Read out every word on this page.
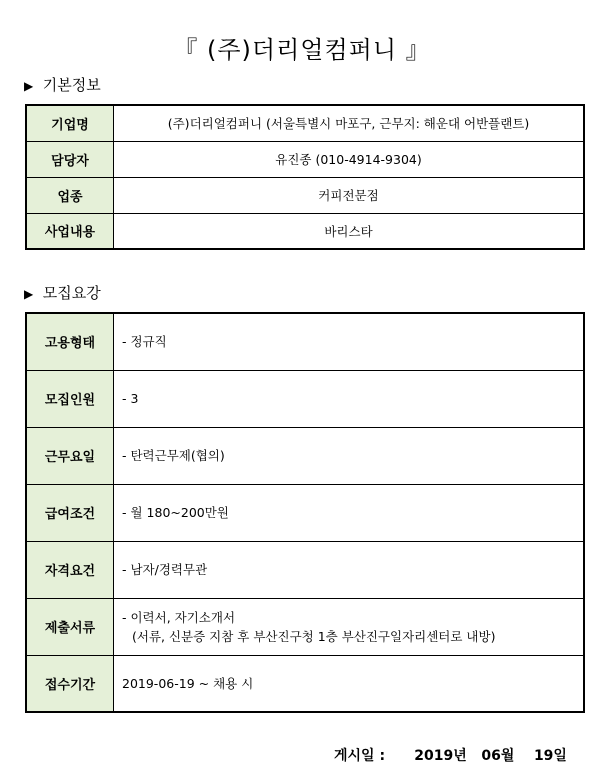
『 (주)더리얼컴퍼니 』
▶ 기본정보
기업명	(주)더리얼컴퍼니 (서울특별시 마포구, 근무지: 해운대 어반플랜트)
담당자	유진종 (010-4914-9304)
업종	커피전문점
사업내용	바리스타
▶ 모집요강
고용형태	- 정규직

모집인원	- 3

근무요일	- 탄력근무제(협의)

급여조건	- 월 180~200만원

자격요건	- 남자/경력무관

제출서류	- 이력서, 자기소개서
(서류, 신분증 지참 후 부산진구청 1층 부산진구일자리센터로 내방)

접수기간	2019-06-19 ~ 채용 시
게시일 : 2019년 06월 19일
